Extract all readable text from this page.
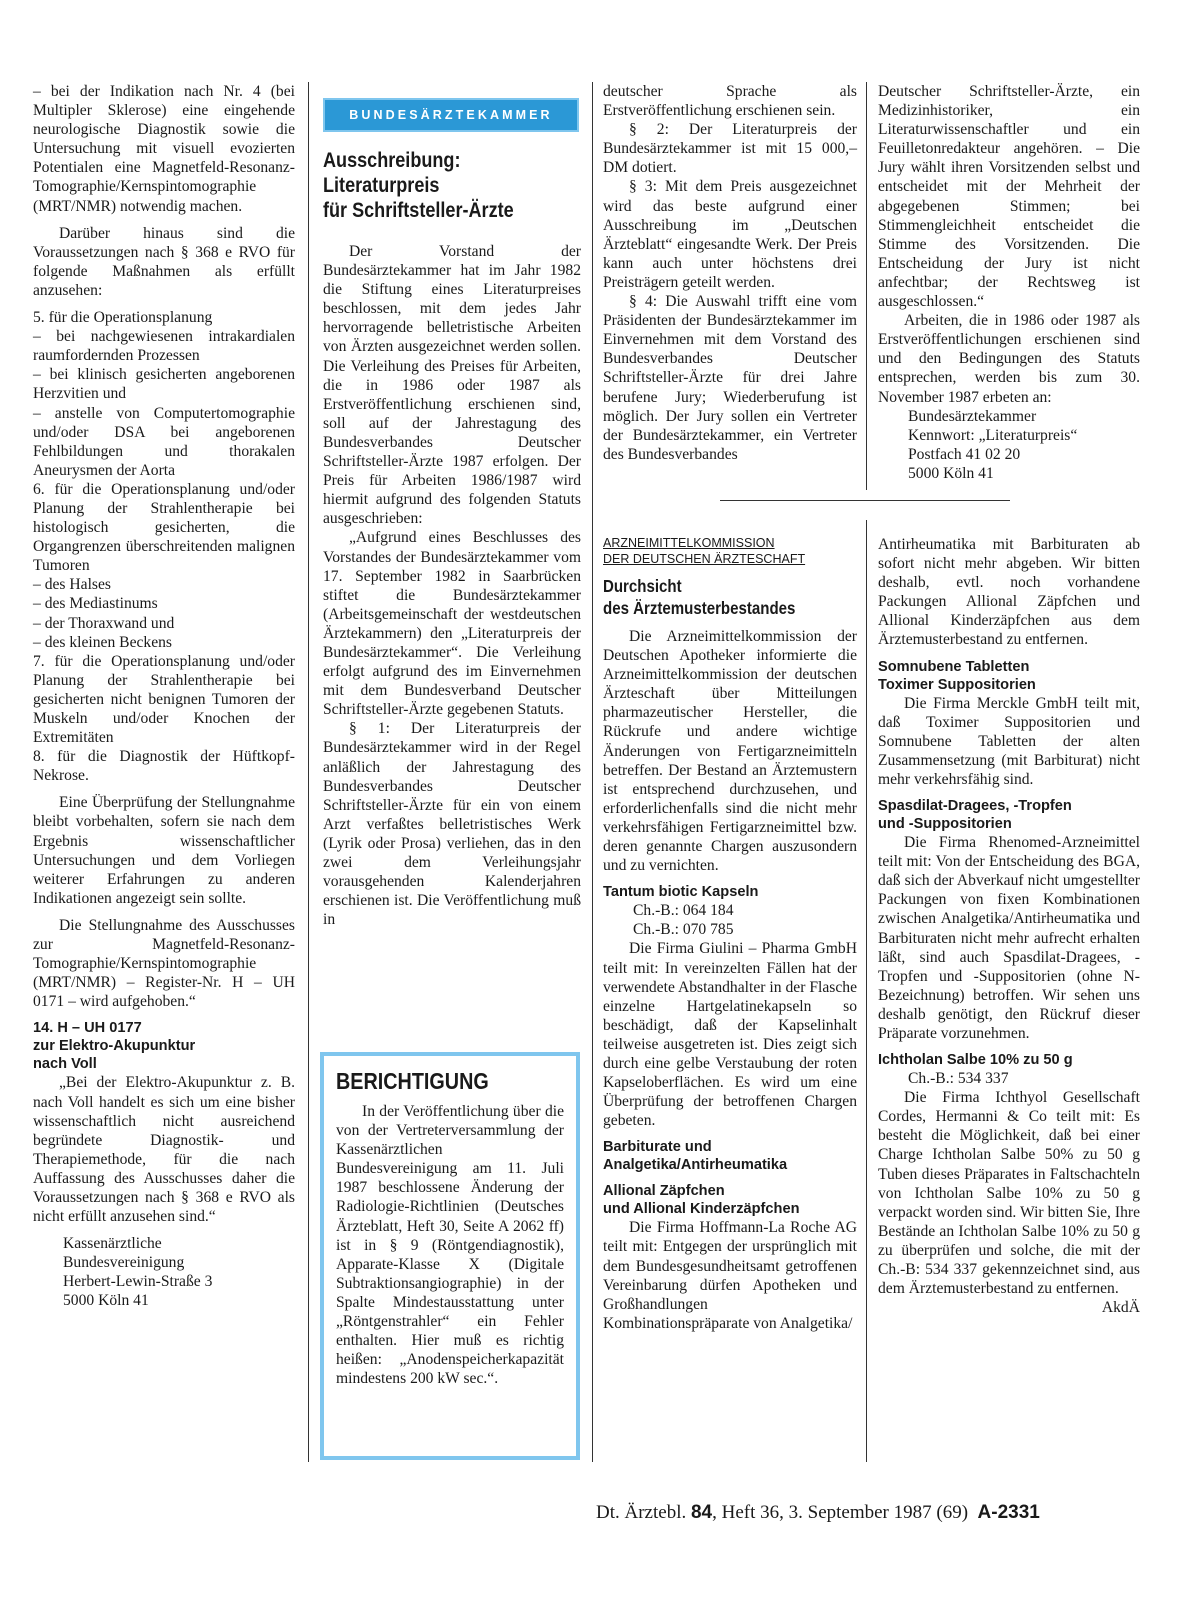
– bei der Indikation nach Nr. 4 (bei Multipler Sklerose) eine eingehende neurologische Diagnostik sowie die Untersuchung mit visuell evozierten Potentialen eine Magnetfeld-Resonanz-Tomographie/Kernspintomographie (MRT/NMR) notwendig machen.

Darüber hinaus sind die Voraussetzungen nach § 368 e RVO für folgende Maßnahmen als erfüllt anzusehen:

5. für die Operationsplanung

– bei nachgewiesenen intrakardialen raumfordernden Prozessen

– bei klinisch gesicherten angeborenen Herzvitien und

– anstelle von Computertomographie und/oder DSA bei angeborenen Fehlbildungen und thorakalen Aneurysmen der Aorta

6. für die Operationsplanung und/oder Planung der Strahlentherapie bei histologisch gesicherten, die Organgrenzen überschreitenden malignen Tumoren

– des Halses

– des Mediastinums

– der Thoraxwand und

– des kleinen Beckens

7. für die Operationsplanung und/oder Planung der Strahlentherapie bei gesicherten nicht benignen Tumoren der Muskeln und/oder Knochen der Extremitäten

8. für die Diagnostik der Hüftkopf-Nekrose.

Eine Überprüfung der Stellungnahme bleibt vorbehalten, sofern sie nach dem Ergebnis wissenschaftlicher Untersuchungen und dem Vorliegen weiterer Erfahrungen zu anderen Indikationen angezeigt sein sollte.

Die Stellungnahme des Ausschusses zur Magnetfeld-Resonanz-Tomographie/Kernspintomographie (MRT/NMR) – Register-Nr. H – UH 0171 – wird aufgehoben.“

14. H – UH 0177

zur Elektro-Akupunktur

nach Voll

„Bei der Elektro-Akupunktur z. B. nach Voll handelt es sich um eine bisher wissenschaftlich nicht ausreichend begründete Diagnostik- und Therapiemethode, für die nach Auffassung des Ausschusses daher die Voraussetzungen nach § 368 e RVO als nicht erfüllt anzusehen sind.“

Kassenärztliche

Bundesvereinigung

Herbert-Lewin-Straße 3

5000 Köln 41

BUNDESÄRZTEKAMMER
Ausschreibung:
Literaturpreis
für Schriftsteller-Ärzte

Der Vorstand der Bundesärztekammer hat im Jahr 1982 die Stiftung eines Literaturpreises beschlossen, mit dem jedes Jahr hervorragende belletristische Arbeiten von Ärzten ausgezeichnet werden sollen. Die Verleihung des Preises für Arbeiten, die in 1986 oder 1987 als Erstveröffentlichung erschienen sind, soll auf der Jahrestagung des Bundesverbandes Deutscher Schriftsteller-Ärzte 1987 erfolgen. Der Preis für Arbeiten 1986/1987 wird hiermit aufgrund des folgenden Statuts ausgeschrieben:

„Aufgrund eines Beschlusses des Vorstandes der Bundesärztekammer vom 17. September 1982 in Saarbrücken stiftet die Bundesärztekammer (Arbeitsgemeinschaft der westdeutschen Ärztekammern) den „Literaturpreis der Bundesärztekammer“. Die Verleihung erfolgt aufgrund des im Einvernehmen mit dem Bundesverband Deutscher Schriftsteller-Ärzte gegebenen Statuts.

§ 1: Der Literaturpreis der Bundesärztekammer wird in der Regel anläßlich der Jahrestagung des Bundesverbandes Deutscher Schriftsteller-Ärzte für ein von einem Arzt verfaßtes belletristisches Werk (Lyrik oder Prosa) verliehen, das in den zwei dem Verleihungsjahr vorausgehenden Kalenderjahren erschienen ist. Die Veröffentlichung muß in

BERICHTIGUNG
In der Veröffentlichung über die von der Vertreterversammlung der Kassenärztlichen Bundesvereinigung am 11. Juli 1987 beschlossene Änderung der Radiologie-Richtlinien (Deutsches Ärzteblatt, Heft 30, Seite A 2062 ff) ist in § 9 (Röntgendiagnostik), Apparate-Klasse X (Digitale Subtraktionsangiographie) in der Spalte Mindestausstattung unter „Röntgenstrahler“ ein Fehler enthalten. Hier muß es richtig heißen: „Anodenspeicherkapazität mindestens 200 kW sec.“.

deutscher Sprache als Erstveröffentlichung erschienen sein.

§ 2: Der Literaturpreis der Bundesärztekammer ist mit 15 000,– DM dotiert.

§ 3: Mit dem Preis ausgezeichnet wird das beste aufgrund einer Ausschreibung im „Deutschen Ärzteblatt“ eingesandte Werk. Der Preis kann auch unter höchstens drei Preisträgern geteilt werden.

§ 4: Die Auswahl trifft eine vom Präsidenten der Bundesärztekammer im Einvernehmen mit dem Vorstand des Bundesverbandes Deutscher Schriftsteller-Ärzte für drei Jahre berufene Jury; Wiederberufung ist möglich. Der Jury sollen ein Vertreter der Bundesärztekammer, ein Vertreter des Bundesverbandes

Deutscher Schriftsteller-Ärzte, ein Medizinhistoriker, ein Literaturwissenschaftler und ein Feuilletonredakteur angehören. – Die Jury wählt ihren Vorsitzenden selbst und entscheidet mit der Mehrheit der abgegebenen Stimmen; bei Stimmengleichheit entscheidet die Stimme des Vorsitzenden. Die Entscheidung der Jury ist nicht anfechtbar; der Rechtsweg ist ausgeschlossen.“

Arbeiten, die in 1986 oder 1987 als Erstveröffentlichungen erschienen sind und den Bedingungen des Statuts entsprechen, werden bis zum 30. November 1987 erbeten an:

Bundesärztekammer

Kennwort: „Literaturpreis“

Postfach 41 02 20

5000 Köln 41

ARZNEIMITTELKOMMISSION

DER DEUTSCHEN ÄRZTESCHAFT

Durchsicht

des Ärztemusterbestandes

Die Arzneimittelkommission der Deutschen Apotheker informierte die Arzneimittelkommission der deutschen Ärzteschaft über Mitteilungen pharmazeutischer Hersteller, die Rückrufe und andere wichtige Änderungen von Fertigarzneimitteln betreffen. Der Bestand an Ärztemustern ist entsprechend durchzusehen, und erforderlichenfalls sind die nicht mehr verkehrsfähigen Fertigarzneimittel bzw. deren genannte Chargen auszusondern und zu vernichten.

Tantum biotic Kapseln

Ch.-B.: 064 184

Ch.-B.: 070 785

Die Firma Giulini – Pharma GmbH teilt mit: In vereinzelten Fällen hat der verwendete Abstandhalter in der Flasche einzelne Hartgelatinekapseln so beschädigt, daß der Kapselinhalt teilweise ausgetreten ist. Dies zeigt sich durch eine gelbe Verstaubung der roten Kapseloberflächen. Es wird um eine Überprüfung der betroffenen Chargen gebeten.

Barbiturate und

Analgetika/Antirheumatika

Allional Zäpfchen

und Allional Kinderzäpfchen

Die Firma Hoffmann-La Roche AG teilt mit: Entgegen der ursprünglich mit dem Bundesgesundheitsamt getroffenen Vereinbarung dürfen Apotheken und Großhandlungen Kombinationspräparate von Analgetika/

Antirheumatika mit Barbituraten ab sofort nicht mehr abgeben. Wir bitten deshalb, evtl. noch vorhandene Packungen Allional Zäpfchen und Allional Kinderzäpfchen aus dem Ärztemusterbestand zu entfernen.

Somnubene Tabletten

Toximer Suppositorien

Die Firma Merckle GmbH teilt mit, daß Toximer Suppositorien und Somnubene Tabletten der alten Zusammensetzung (mit Barbiturat) nicht mehr verkehrsfähig sind.

Spasdilat-Dragees, -Tropfen

und -Suppositorien

Die Firma Rhenomed-Arzneimittel teilt mit: Von der Entscheidung des BGA, daß sich der Abverkauf nicht umgestellter Packungen von fixen Kombinationen zwischen Analgetika/Antirheumatika und Barbituraten nicht mehr aufrecht erhalten läßt, sind auch Spasdilat-Dragees, -Tropfen und -Suppositorien (ohne N-Bezeichnung) betroffen. Wir sehen uns deshalb genötigt, den Rückruf dieser Präparate vorzunehmen.

Ichtholan Salbe 10% zu 50 g

Ch.-B.: 534 337

Die Firma Ichthyol Gesellschaft Cordes, Hermanni & Co teilt mit: Es besteht die Möglichkeit, daß bei einer Charge Ichtholan Salbe 50% zu 50 g Tuben dieses Präparates in Faltschachteln von Ichtholan Salbe 10% zu 50 g verpackt worden sind. Wir bitten Sie, Ihre Bestände an Ichtholan Salbe 10% zu 50 g zu überprüfen und solche, die mit der Ch.-B: 534 337 gekennzeichnet sind, aus dem Ärztemusterbestand zu entfernen.

AkdÄ

Dt. Ärztebl. 84, Heft 36, 3. September 1987 (69) A-2331
